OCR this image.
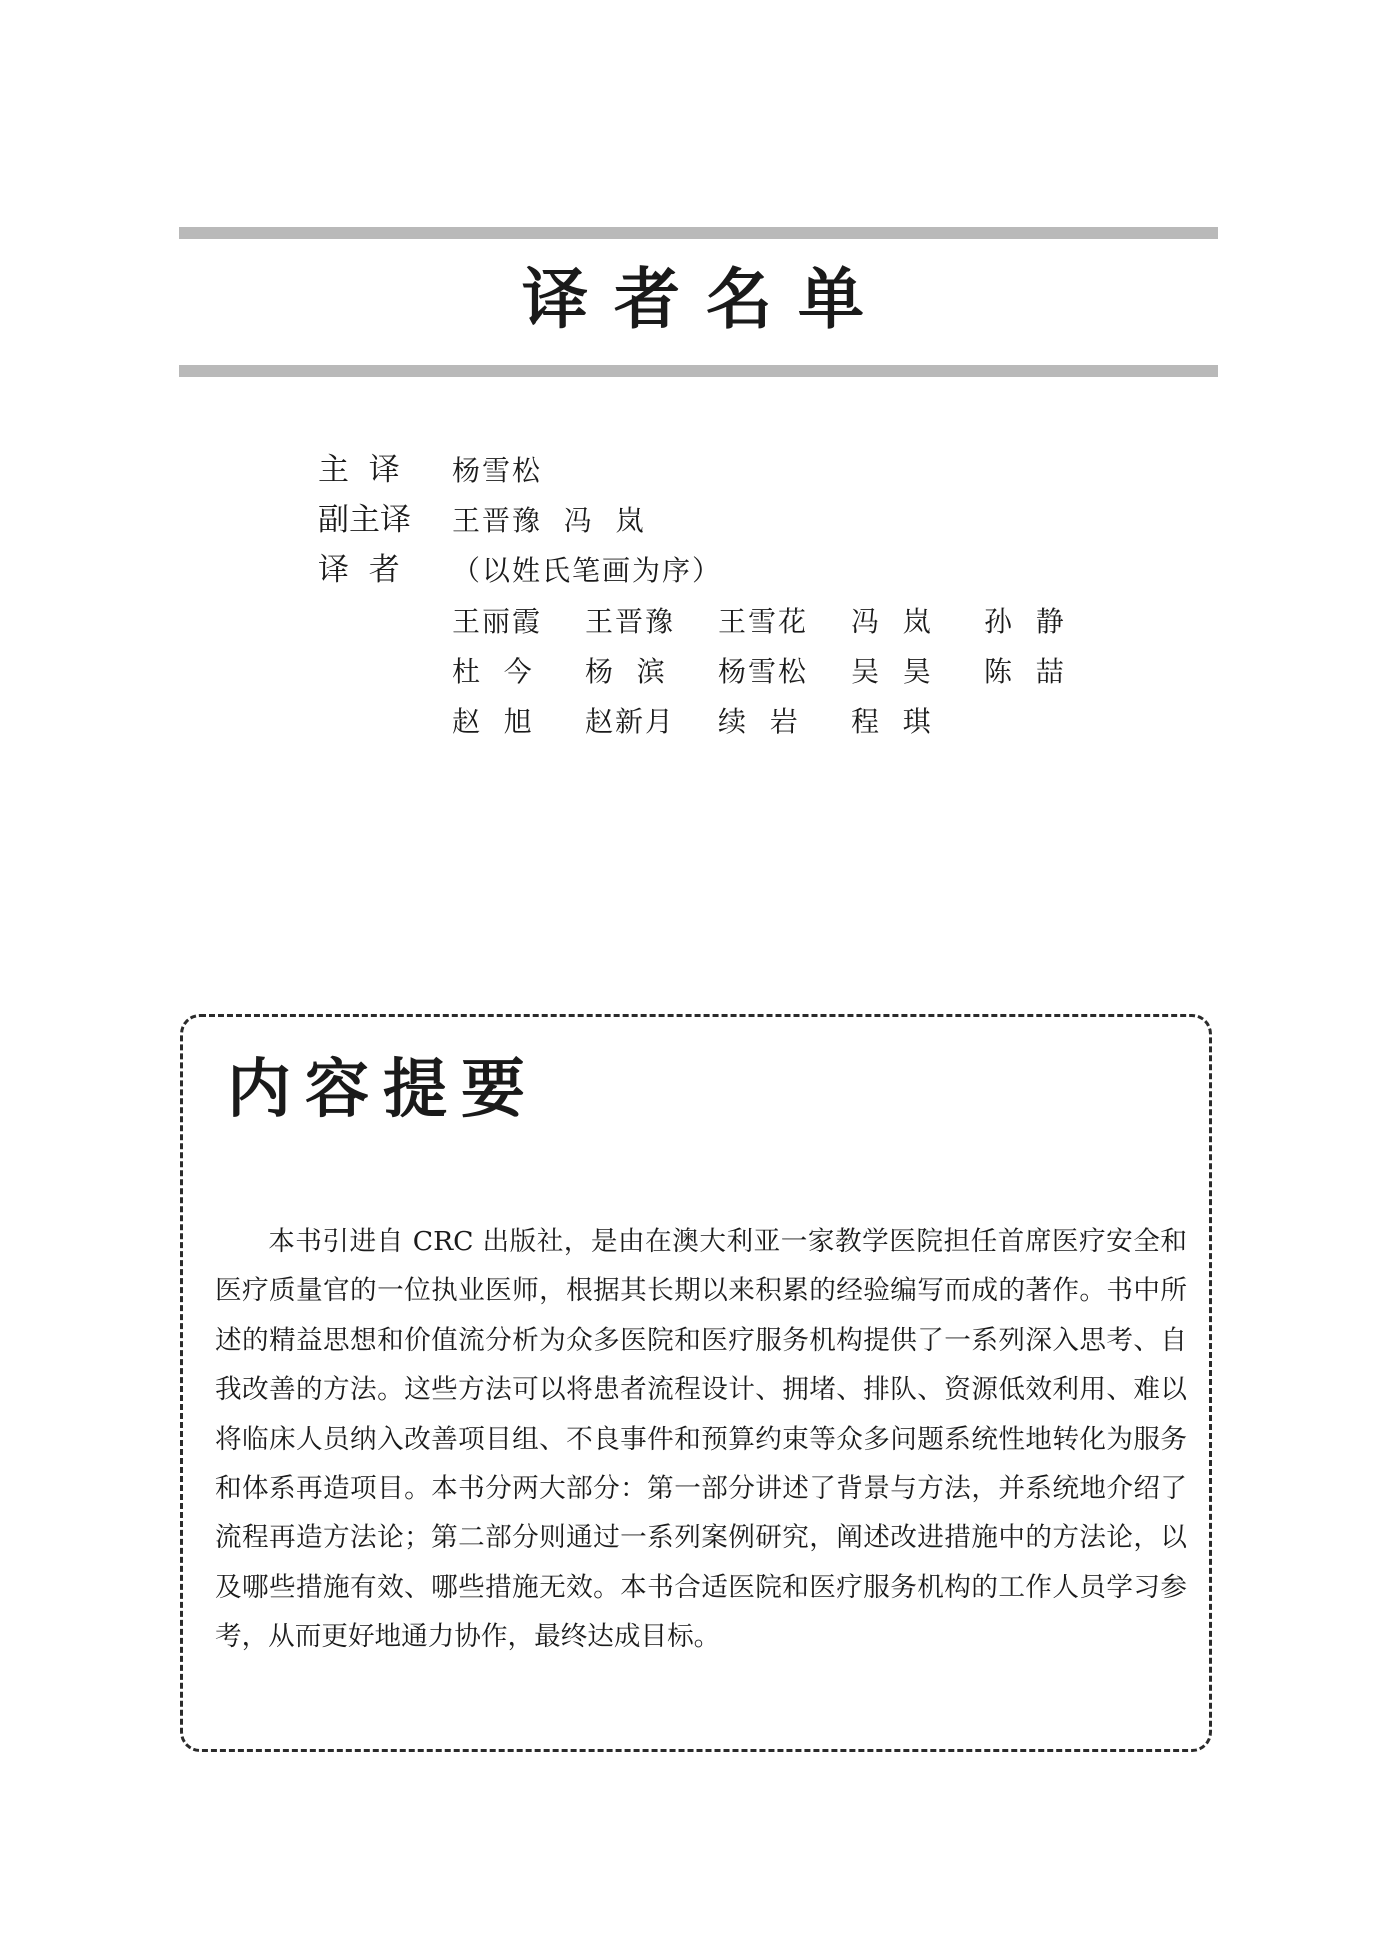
译者名单
主  译	杨雪松
副主译	王晋豫  冯  岚
译  者	（以姓氏笔画为序）
王丽霞	王晋豫	王雪花	冯  岚	孙  静
杜  今	杨  滨	杨雪松	吴  昊	陈  喆
赵  旭	赵新月	续  岩	程  琪
内容提要

本书引进自 CRC 出版社，是由在澳大利亚一家教学医院担任首席医疗安全和医疗质量官的一位执业医师，根据其长期以来积累的经验编写而成的著作。书中所述的精益思想和价值流分析为众多医院和医疗服务机构提供了一系列深入思考、自我改善的方法。这些方法可以将患者流程设计、拥堵、排队、资源低效利用、难以将临床人员纳入改善项目组、不良事件和预算约束等众多问题系统性地转化为服务和体系再造项目。本书分两大部分：第一部分讲述了背景与方法，并系统地介绍了流程再造方法论；第二部分则通过一系列案例研究，阐述改进措施中的方法论，以及哪些措施有效、哪些措施无效。本书合适医院和医疗服务机构的工作人员学习参考，从而更好地通力协作，最终达成目标。
